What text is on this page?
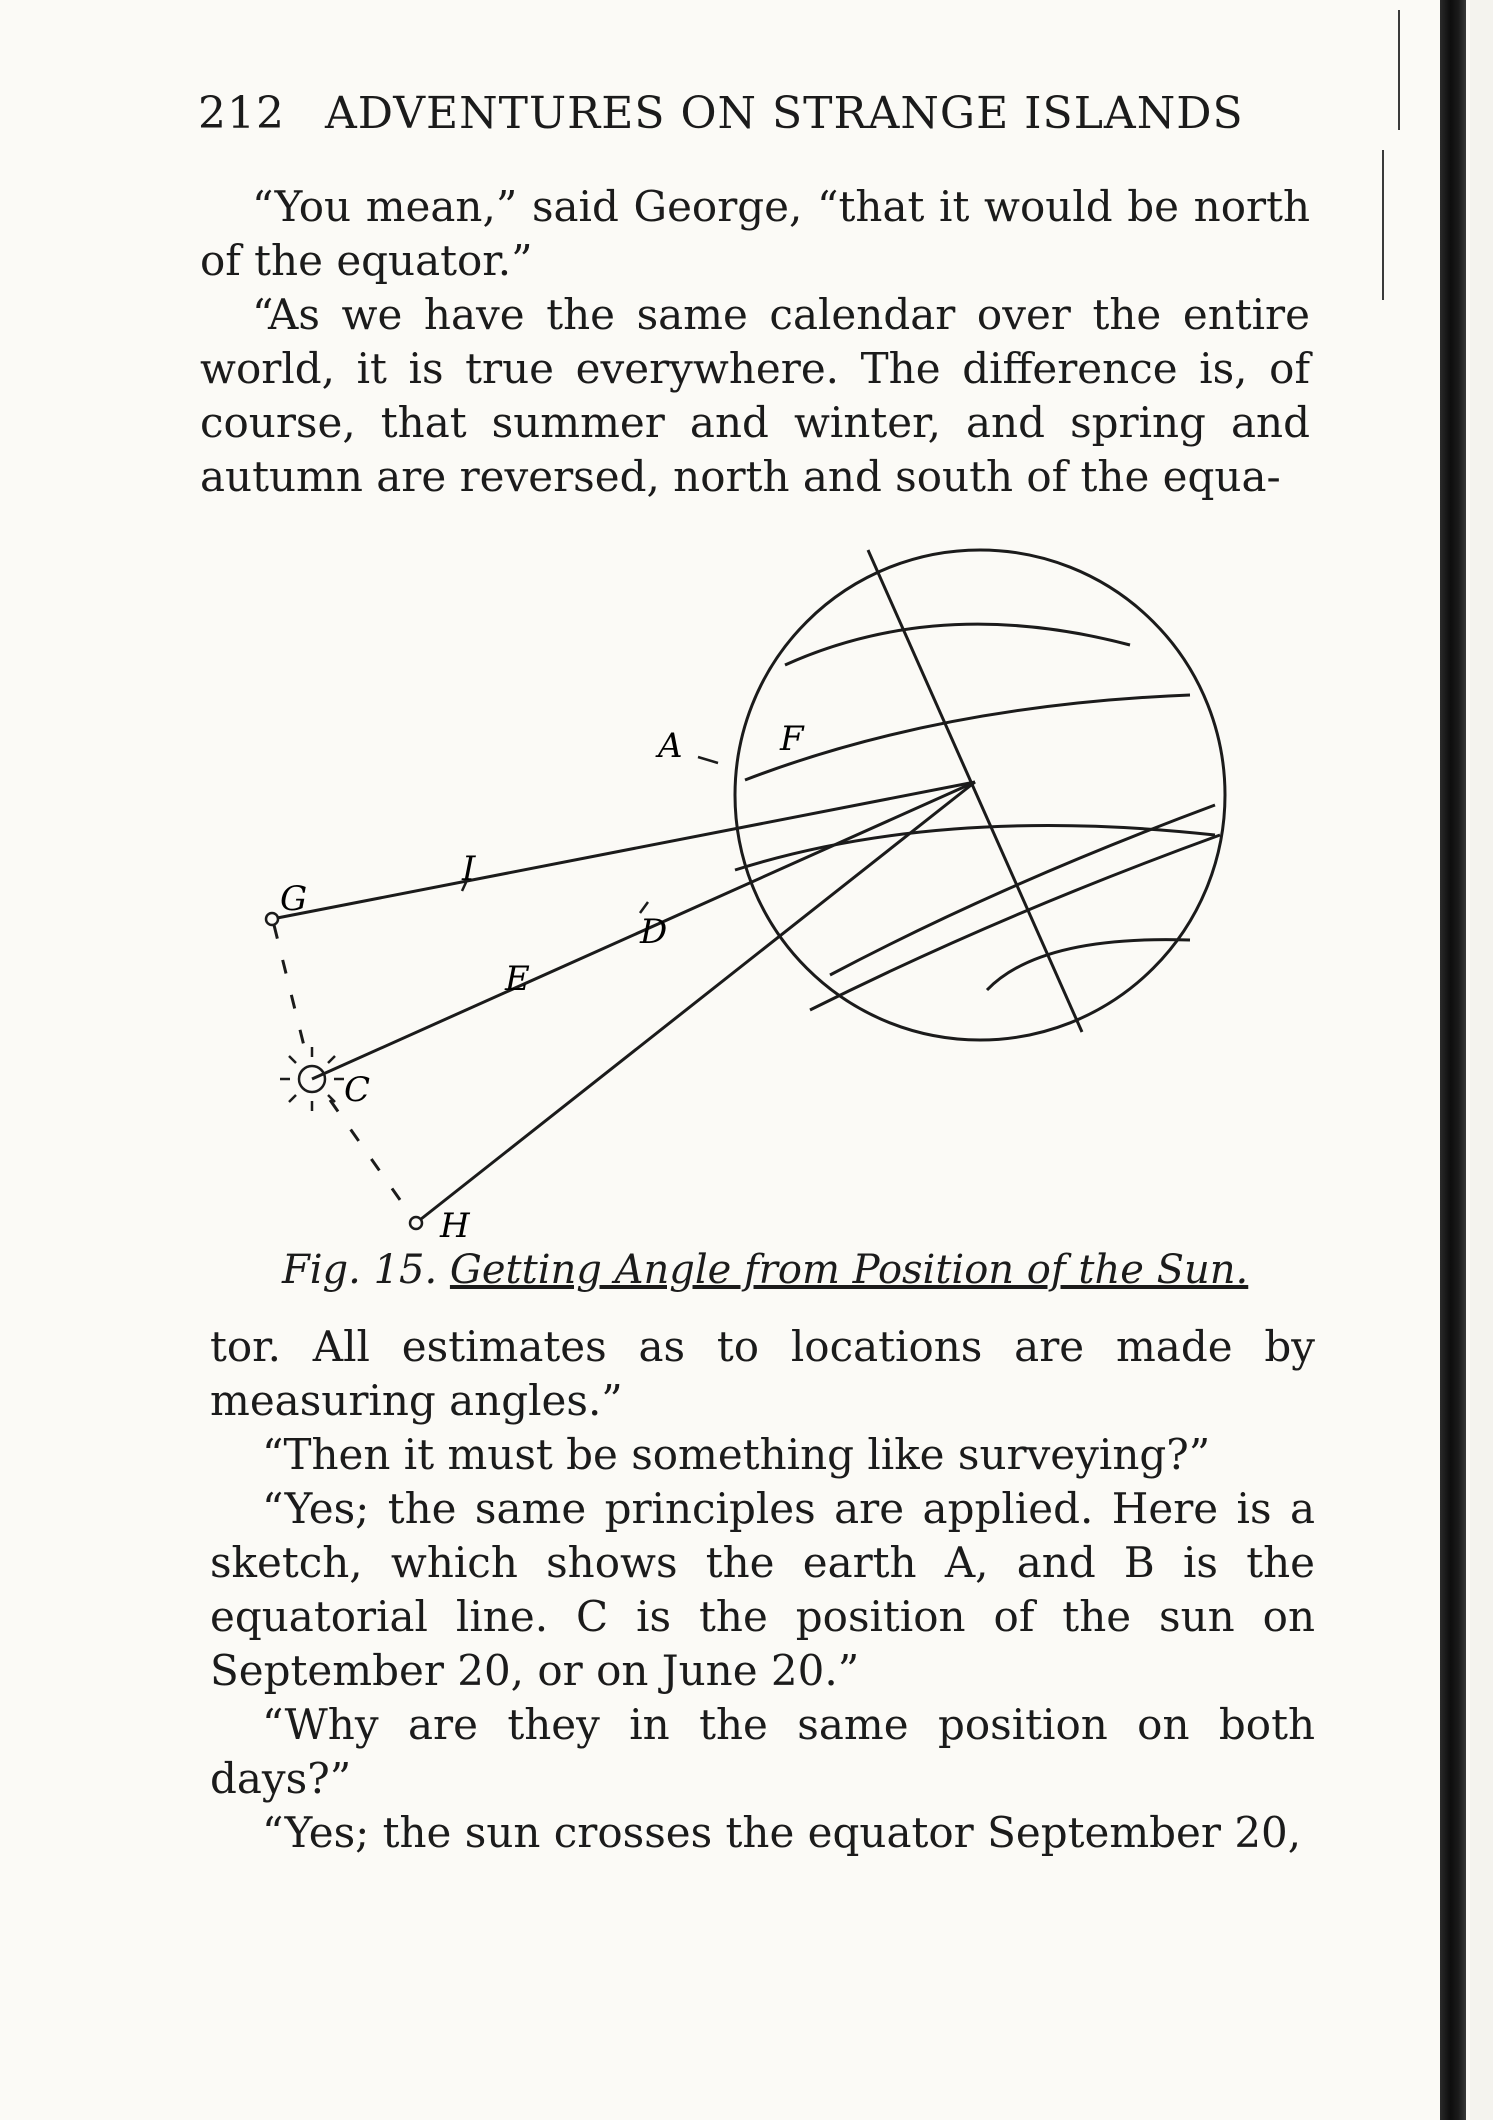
212 ADVENTURES ON STRANGE ISLANDS

“You mean,” said George, “that it would be north of the equator.”

“As we have the same calendar over the entire world, it is true everywhere. The difference is, of course, that summer and winter, and spring and autumn are reversed, north and south of the equa-

A	F
I
G
D
E
C
H
Fig. 15. Getting Angle from Position of the Sun.

tor. All estimates as to locations are made by measuring angles.”

“Then it must be something like surveying?”

“Yes; the same principles are applied. Here is a sketch, which shows the earth A, and B is the equatorial line. C is the position of the sun on September 20, or on June 20.”

“Why are they in the same position on both days?”

“Yes; the sun crosses the equator September 20,
